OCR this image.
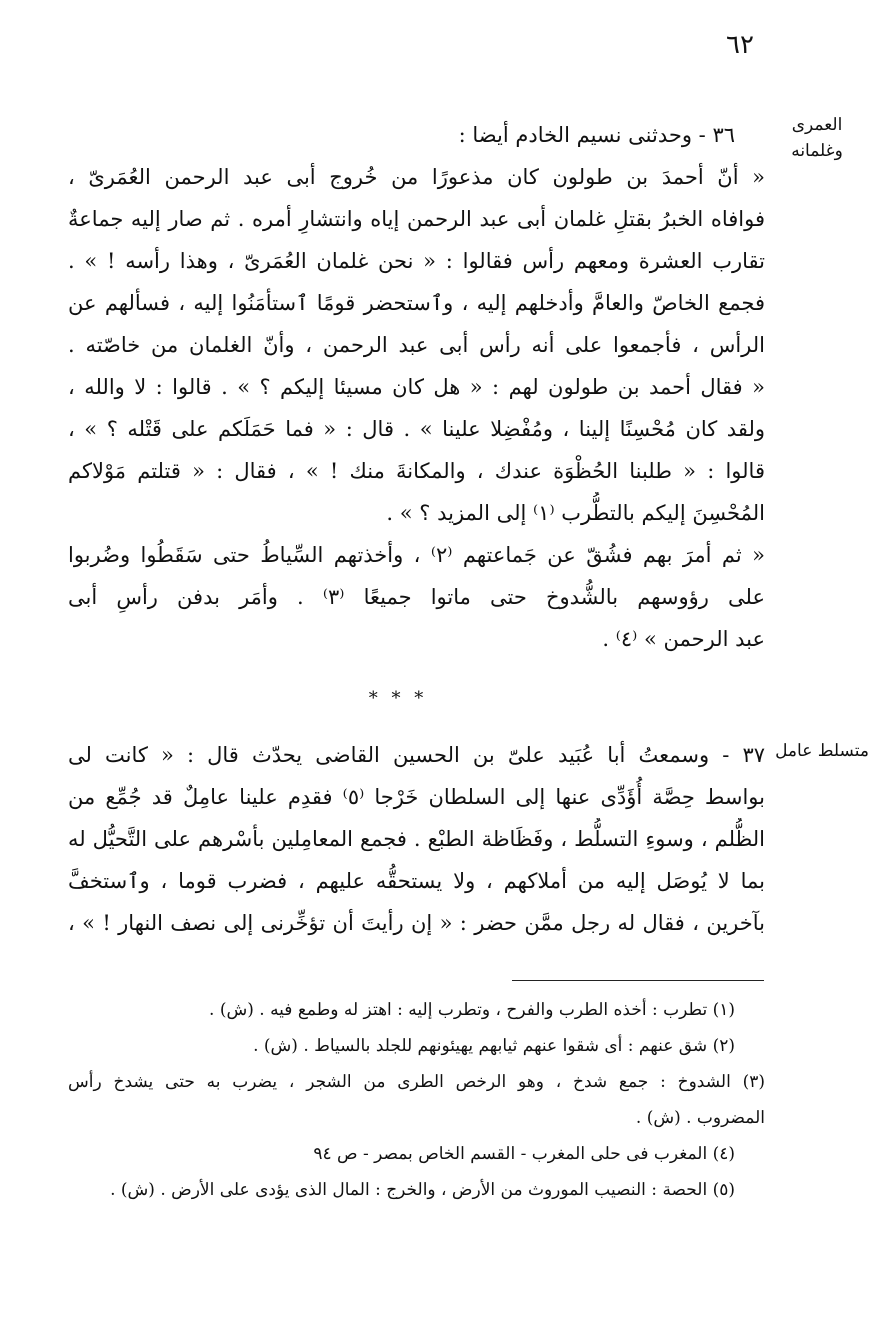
٦٢
العمرى
وغلمانه
٣٦ - وحدثنى نسيم الخادم أيضا :
« أنّ أحمدَ بن طولون كان مذعورًا من خُروج أبى عبد الرحمن العُمَرىّ ،
فوافاه الخبرُ بقتلِ غلمان أبى عبد الرحمن إياه وانتشارِ أمره . ثم صار إليه جماعةٌ
تقارب العشرة ومعهم رأس فقالوا : « نحن غلمان العُمَرىّ ، وهذا رأسه ! » .
فجمع الخاصّ والعامَّ وأدخلهم إليه ، وٱستحضر قومًا ٱستأمَنُوا إليه ، فسألهم عن
الرأس ، فأجمعوا على أنه رأس أبى عبد الرحمن ، وأنّ الغلمان من خاصّته .
« فقال أحمد بن طولون لهم : « هل كان مسيئا إليكم ؟ » . قالوا : لا والله ،
ولقد كان مُحْسِنًا إلينا ، ومُفْضِلا علينا » . قال : « فما حَمَلَكم على قَتْله ؟ » ،
قالوا : « طلبنا الحُظْوَة عندك ، والمكانةَ منك ! » ، فقال : « قتلتم مَوْلاكم
المُحْسِنَ إليكم بالتطُّرب ⁽١⁾ إلى المزيد ؟ » .
« ثم أمرَ بهم فشُقّ عن جَماعتهم ⁽٢⁾ ، وأخذتهم السِّياطُ حتى سَقَطُوا وضُربوا
على رؤوسهم بالشُّدوخ حتى ماتوا جميعًا ⁽٣⁾ . وأمَر بدفن رأسِ أبى
عبد الرحمن » ⁽٤⁾ .
* * *
متسلط عامل
٣٧ - وسمعتُ أبا عُبَيد علىّ بن الحسين القاضى يحدّث قال : « كانت لى
بواسط حِصَّة أُؤَدِّى عنها إلى السلطان خَرْجا ⁽٥⁾ فقدِم علينا عامِلٌ قد جُمِّع من
الظُّلم ، وسوءِ التسلُّط ، وفَظَاظة الطبْع . فجمع المعامِلين بأسْرهم على التَّحيُّل له
بما لا يُوصَل إليه من أملاكهم ، ولا يستحقُّه عليهم ، فضرب قوما ، وٱستخفَّ
بآخرين ، فقال له رجل ممَّن حضر : « إن رأيتَ أن تؤخِّرنى إلى نصف النهار ! » ،
(١) تطرب : أخذه الطرب والفرح ، وتطرب إليه : اهتز له وطمع فيه . (ش) .
(٢) شق عنهم : أى شقوا عنهم ثيابهم يهيئونهم للجلد بالسياط . (ش) .
(٣) الشدوخ : جمع شدخ ، وهو الرخص الطرى من الشجر ، يضرب به حتى يشدخ رأس
المضروب . (ش) .
(٤) المغرب فى حلى المغرب - القسم الخاص بمصر - ص ٩٤
(٥) الحصة : النصيب الموروث من الأرض ، والخرج : المال الذى يؤدى على الأرض . (ش) .
